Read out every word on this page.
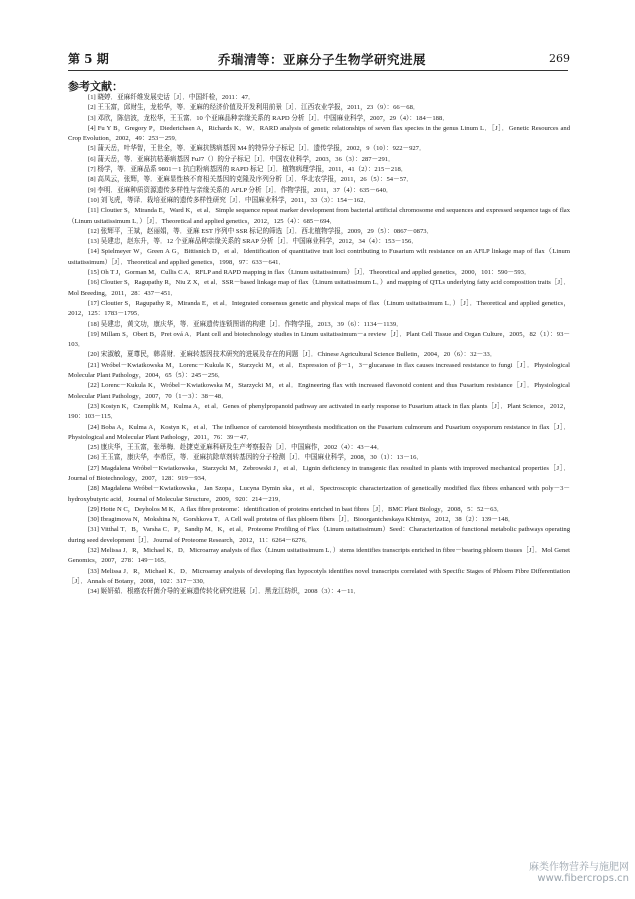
第 5 期	乔瑞清等：亚麻分子生物学研究进展	269
参考文献：
[1] 晓婷．亚麻纤维发展史话［J］．中国纤检，2011：47．
[2] 王玉富，邱财生，龙松华，等．亚麻的经济价值及开发利用前景［J］．江西农业学报，2011，23（9）：66－68．
[3] 邓欣，陈信波，龙松华，王玉富．10 个亚麻品种亲缘关系的 RAPD 分析［J］．中国麻业科学，2007，29（4）：184－188．
[4] Fu Y B，Gregory P，Diederichsen A，Richards K．W．RARD analysis of genetic relationships of seven flax species in the genus Linum L．［J］．Genetic Resources and Crop Evolution，2002，49：253－259．
[5] 蒲天岳，叶华智，王世全，等．亚麻抗锈病基因 M4 的特异分子标记［J］．遗传学报，2002，9（10）：922－927．
[6] 蒲天岳，等．亚麻抗枯萎病基因 FuJ7（）的分子标记［J］．中国农业科学，2003，36（3）：287－291．
[7] 杨学，等．亚麻品系 9801－1 抗白粉病基因的 RAPD 标记［J］．植物病理学报，2011，41（2）：215－218．
[8] 高凤云，张辉，等．亚麻显性核不育相关基因的克隆及序列分析［J］．华北农学报，2011，26（5）：54－57．
[9] 李明．亚麻种质资源遗传多样性与亲缘关系的 AFLP 分析［J］．作物学报，2011，37（4）：635－640．
[10] 刘飞虎，等译．栽培亚麻的遗传多样性研究［J］．中国麻业科学，2011，33（3）：154－162．
[11] Cloutier S，Miranda E，Ward K，et al．Simple sequence repeat marker development from bacterial artificial chromosome end sequences and expressed sequence tags of flax（Linum usitatissimum L．）［J］．Theoretical and applied genetics，2012，125（4）：685－694．
[12] 张辉平，王斌，赵丽娟，等．亚麻 EST 序列中 SSR 标记的筛选［J］．西北植物学报，2009，29（5）：0867－0873．
[13] 吴建忠，赵东升，等．12 个亚麻品种亲缘关系的 SRAP 分析［J］．中国麻业科学，2012，34（4）：153－156．
[14] Spielmeyer W，Green A G，Bittisnich D，et al．Identification of quantitative trait loci contributing to Fusarium wilt resistance on an AFLP linkage map of flax（Linum usitatissimum）［J］．Theoretical and applied genetics，1998，97：633－641．
[15] Oh T J，Gorman M，Cullis C A．RFLP and RAPD mapping in flax（Linum usitatissimum）［J］．Theoretical and applied genetics，2000，101：590－593．
[16] Cloutier S，Ragupathy R，Niu Z X，et al．SSR－based linkage map of flax（Linum usitatissimum L．）and mapping of QTLs underlying fatty acid composition traits［J］．Mol Breeding，2011，28：437－451．
[17] Cloutier S，Ragupathy R，Miranda E，et al．Integrated consensus genetic and physical maps of flax（Linum usitatissimum L．）［J］．Theoretical and applied genetics，2012，125：1783－1795．
[18] 吴建忠，黄文功，康庆华，等．亚麻遗传连锁图谱的构建［J］．作物学报，2013，39（6）：1134－1139．
[19] Millam S，Obert B，Pret ová A．Plant cell and biotechnology studies in Linum usitatissimum－a review［J］．Plant Cell Tissue and Organ Culture，2005，82（1）：93－103．
[20] 宋淑敏，夏尊民，韩喜财．亚麻转基因技术研究的进展及存在的问题［J］．Chinese Agricultural Science Bulletin，2004，20（6）：32－33．
[21] Wróbel－Kwiatkowska M，Lorenc－Kukula K，Starzycki M，et al．Expression of β－1，3－glucanase in flax causes increased resistance to fungi［J］．Physiological Molecular Plant Pathology，2004，65（5）：245－256．
[22] Lorenc－Kukula K，Wróbel－Kwiatkowska M，Starzycki M，et al．Engineering flax with increased flavonoid content and thus Fusarium resistance［J］．Physiological Molecular Plant Pathology，2007，70（1－3）：38－48．
[23] Kostyn K，Czemplik M，Kulma A，et al．Genes of phenylpropanoid pathway are activated in early response to Fusarium attack in flax plants［J］．Plant Science，2012，190：103－115．
[24] Boba A，Kulma A，Kostyn K，et al．The influence of carotenoid biosynthesis modification on the Fusarium culmorum and Fusarium oxysporum resistance in flax［J］．Physiological and Molecular Plant Pathology，2011，76：39－47．
[25] 康庆华，王玉富，张举梅．赴捷克亚麻科研及生产考察报告［J］．中国麻作，2002（4）：43－44．
[26] 王玉富，康庆华，李希臣，等．亚麻抗除草剂转基因的分子检测［J］．中国麻业科学，2008，30（1）：13－16．
[27] Magdalena Wróbel－Kwiatkowska，Starzycki M，Zebrowski J，et al．Lignin deficiency in transgenic flax resulted in plants with improved mechanical properties［J］．Journal of Biotechnology，2007，128：919－934．
[28] Magdalena Wróbel－Kwiatkowska，Jan Szopa，Lucyna Dymin ska，et al．Spectroscopic characterization of genetically modified flax fibres enhanced with poly－3－hydroxybutyric acid．Journal of Molecular Structure，2009，920：214－219．
[29] Hotte N C，Deyholos M K．A flax fibre proteome：identification of proteins enriched in bast fibres［J］．BMC Plant Biology，2008，5：52－63．
[30] Ibragimova N，Mokshina N，Gorshkova T．A Cell wall proteins of flax phloem fibers［J］．Bioorganicheskaya Khimiya，2012，38（2）：139－148．
[31] Vitthal T．B，Varsha C．P，Sandip M．K，et al．Proteome Profiling of Flax（Linum usitatissimum）Seed：Characterization of functional metabolic pathways operating during seed development［J］．Journal of Proteome Research，2012，11：6264－6276．
[32] Melissa J．R，Michael K．D．Microarray analysis of flax（Linum usitatissimum L．）stems identifies transcripts enriched in fibre－bearing phloem tissues［J］．Mol Genet Genomics，2007，278：149－165．
[33] Melissa J．R，Michael K．D．Microarray analysis of developing flax hypocotyls identifies novel transcripts correlated with Specific Stages of Phloem Fibre Differentiation［J］．Annals of Botany，2008，102：317－330．
[34] 姬妍茹．根癌农杆菌介导的亚麻遗传转化研究进展［J］．黑龙江纺织，2008（3）：4－11．
麻类作物营养与施肥网
www.fibercrops.cn
